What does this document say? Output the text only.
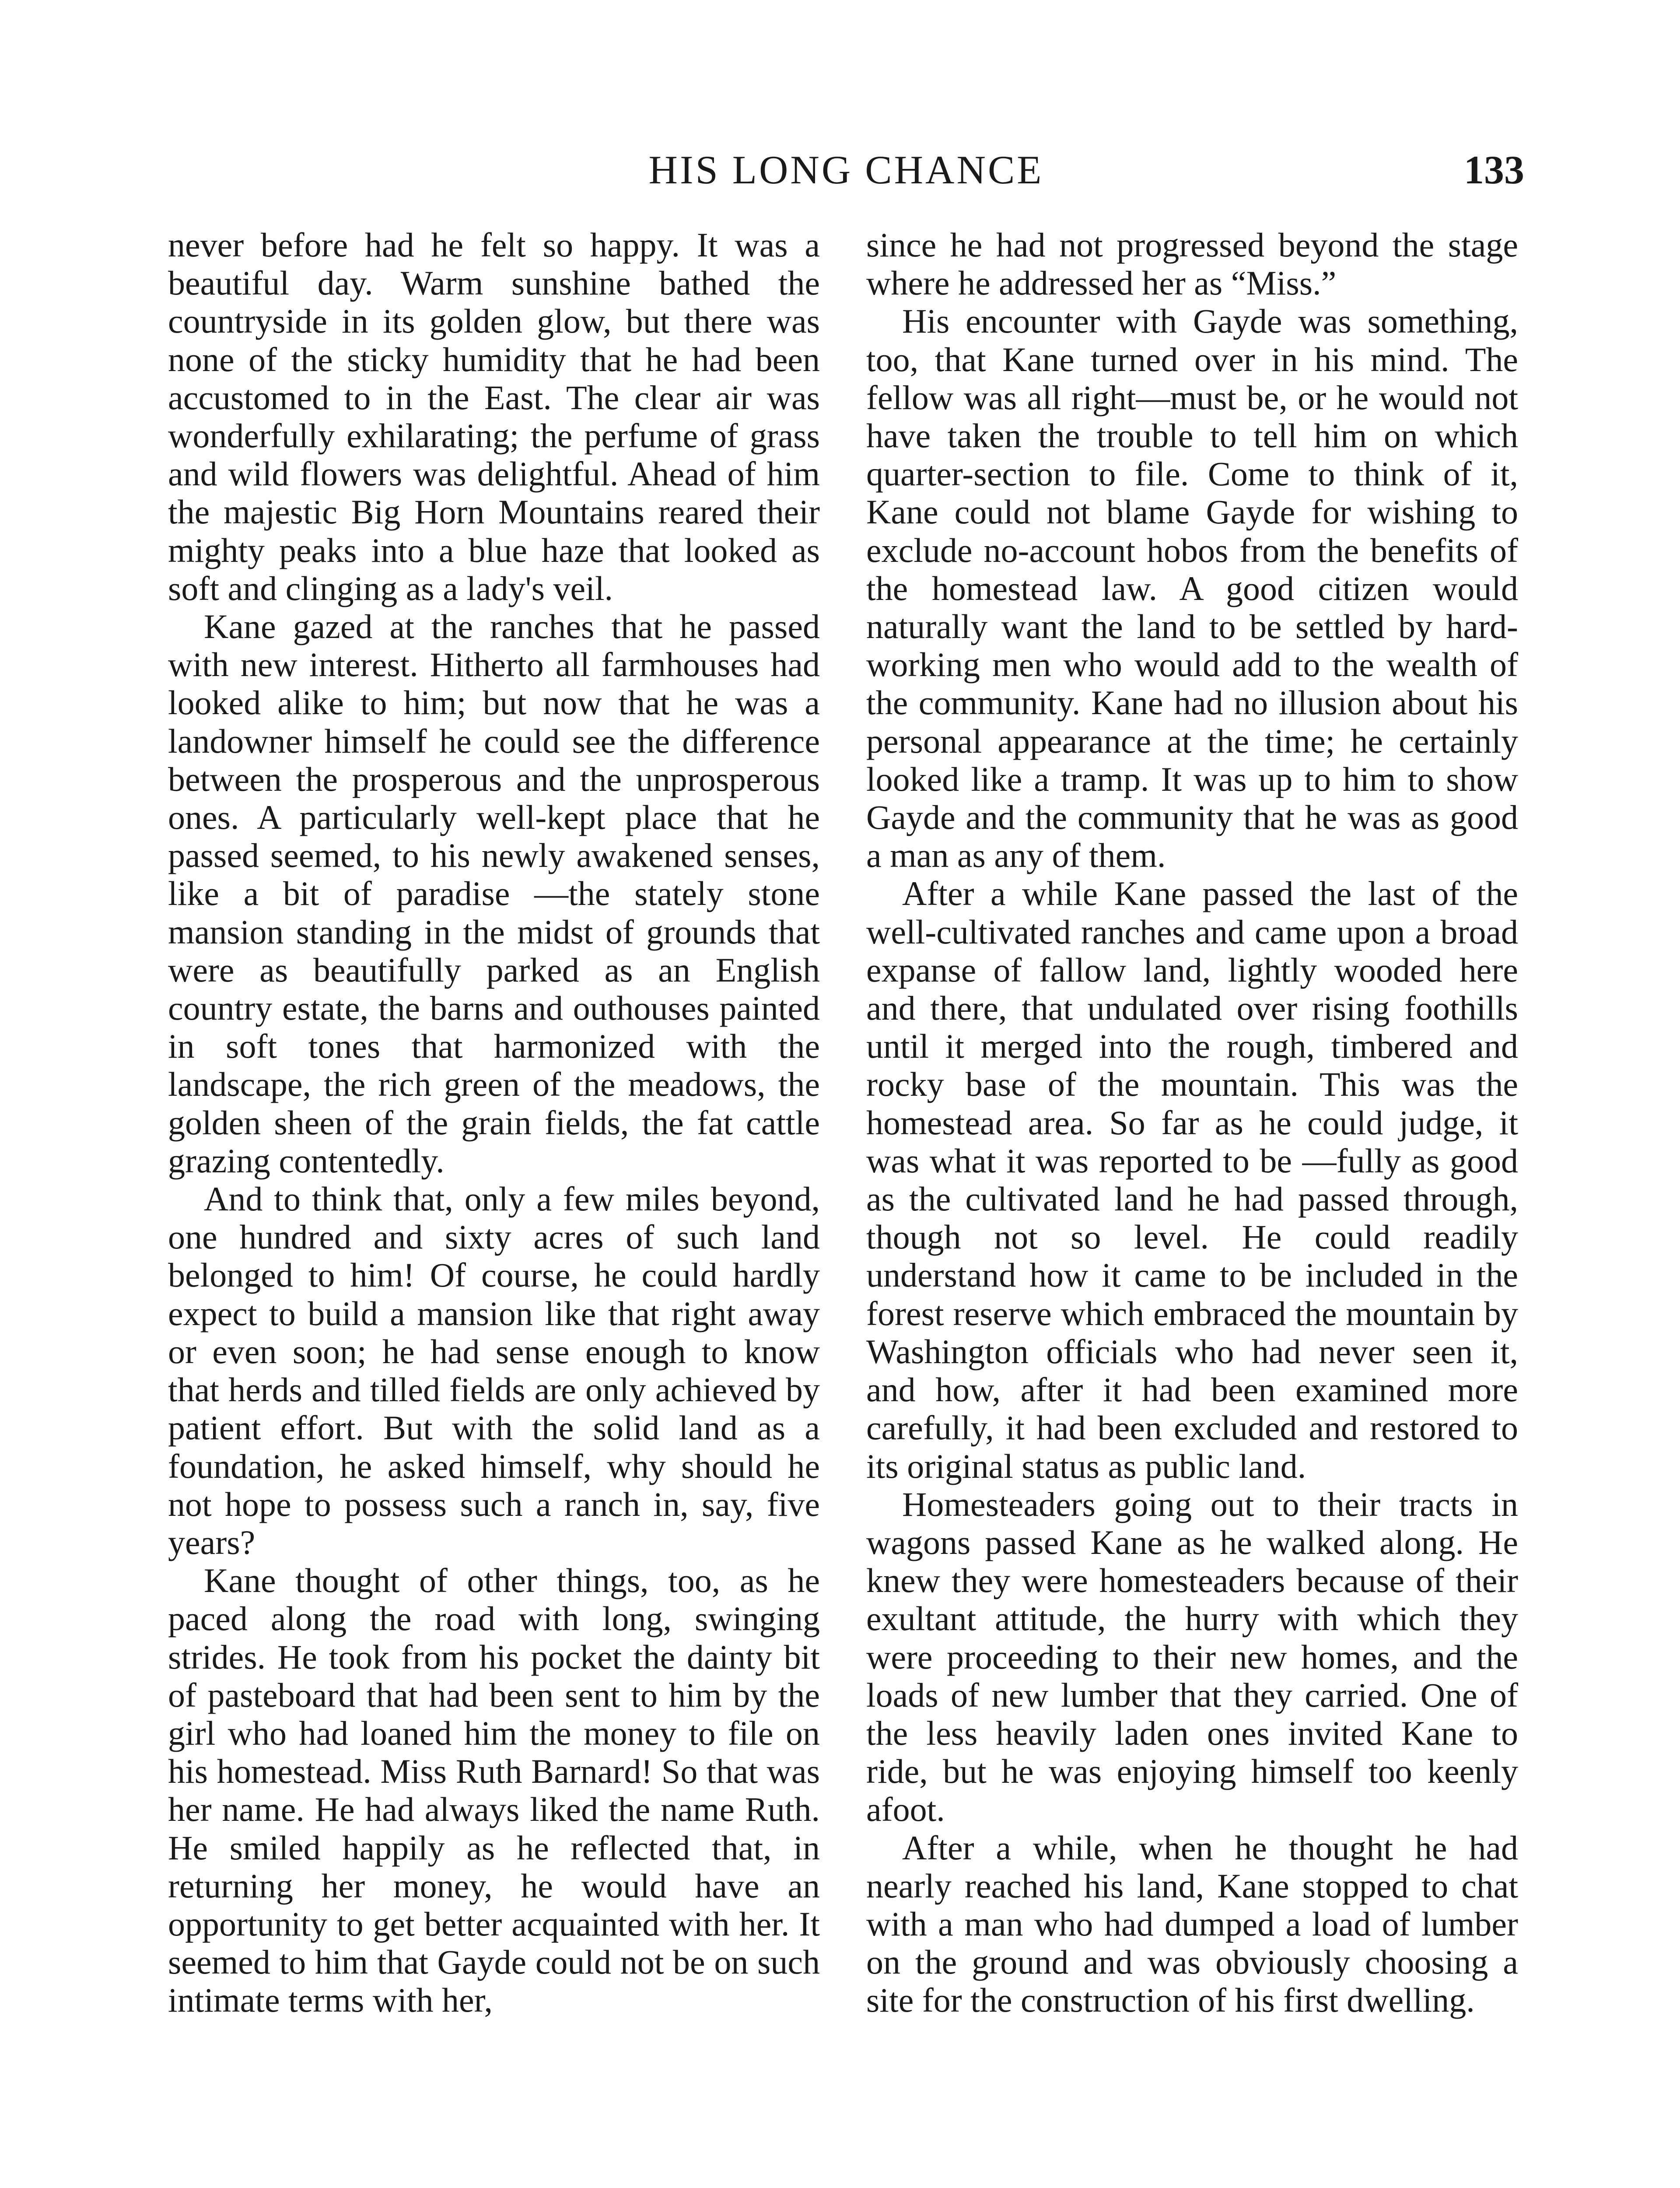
HIS LONG CHANCE	133

never before had he felt so happy. It was a beautiful day. Warm sunshine bathed the countryside in its golden glow, but there was none of the sticky humidity that he had been accustomed to in the East. The clear air was wonderfully exhilarating; the perfume of grass and wild flowers was delightful. Ahead of him the majestic Big Horn Mountains reared their mighty peaks into a blue haze that looked as soft and clinging as a lady's veil.

Kane gazed at the ranches that he passed with new interest. Hitherto all farmhouses had looked alike to him; but now that he was a landowner himself he could see the difference between the prosperous and the unprosperous ones. A particularly well-kept place that he passed seemed, to his newly awakened senses, like a bit of paradise —the stately stone mansion standing in the midst of grounds that were as beautifully parked as an English country estate, the barns and outhouses painted in soft tones that harmonized with the landscape, the rich green of the meadows, the golden sheen of the grain fields, the fat cattle grazing contentedly.

And to think that, only a few miles beyond, one hundred and sixty acres of such land belonged to him! Of course, he could hardly expect to build a mansion like that right away or even soon; he had sense enough to know that herds and tilled fields are only achieved by patient effort. But with the solid land as a foundation, he asked himself, why should he not hope to possess such a ranch in, say, five years?

Kane thought of other things, too, as he paced along the road with long, swinging strides. He took from his pocket the dainty bit of pasteboard that had been sent to him by the girl who had loaned him the money to file on his homestead. Miss Ruth Barnard! So that was her name. He had always liked the name Ruth. He smiled happily as he reflected that, in returning her money, he would have an opportunity to get better acquainted with her. It seemed to him that Gayde could not be on such intimate terms with her,

since he had not progressed beyond the stage where he addressed her as “Miss.”

His encounter with Gayde was something, too, that Kane turned over in his mind. The fellow was all right—must be, or he would not have taken the trouble to tell him on which quarter-section to file. Come to think of it, Kane could not blame Gayde for wishing to exclude no-account hobos from the benefits of the homestead law. A good citizen would naturally want the land to be settled by hard-working men who would add to the wealth of the community. Kane had no illusion about his personal appearance at the time; he certainly looked like a tramp. It was up to him to show Gayde and the community that he was as good a man as any of them.

After a while Kane passed the last of the well-cultivated ranches and came upon a broad expanse of fallow land, lightly wooded here and there, that undulated over rising foothills until it merged into the rough, timbered and rocky base of the mountain. This was the homestead area. So far as he could judge, it was what it was reported to be —fully as good as the cultivated land he had passed through, though not so level. He could readily understand how it came to be included in the forest reserve which embraced the mountain by Washington officials who had never seen it, and how, after it had been examined more carefully, it had been excluded and restored to its original status as public land.

Homesteaders going out to their tracts in wagons passed Kane as he walked along. He knew they were homesteaders because of their exultant attitude, the hurry with which they were proceeding to their new homes, and the loads of new lumber that they carried. One of the less heavily laden ones invited Kane to ride, but he was enjoying himself too keenly afoot.

After a while, when he thought he had nearly reached his land, Kane stopped to chat with a man who had dumped a load of lumber on the ground and was obviously choosing a site for the construction of his first dwelling.
